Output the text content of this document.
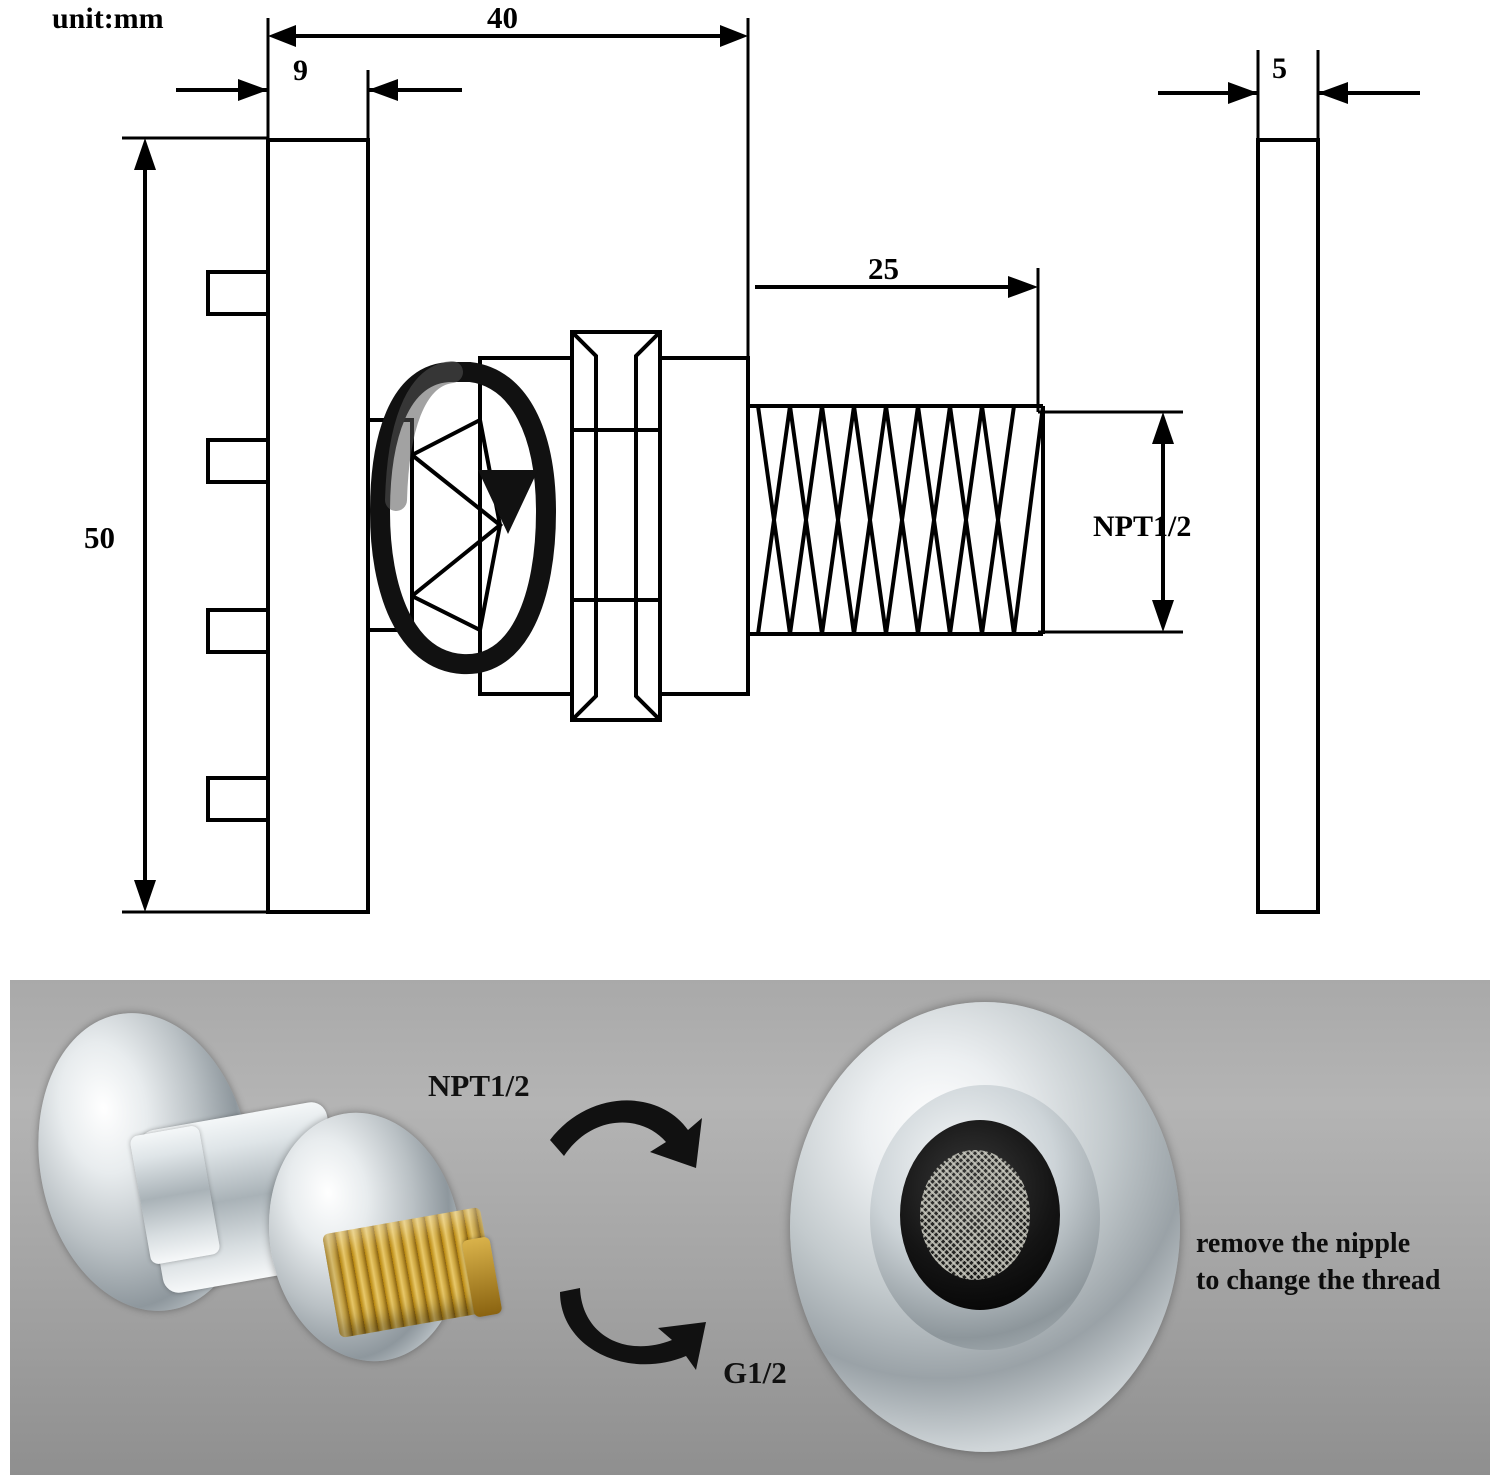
unit:mm	40
9	5
25
50	NPT1/2
NPT1/2
G1/2
remove the nipple
to change the thread
